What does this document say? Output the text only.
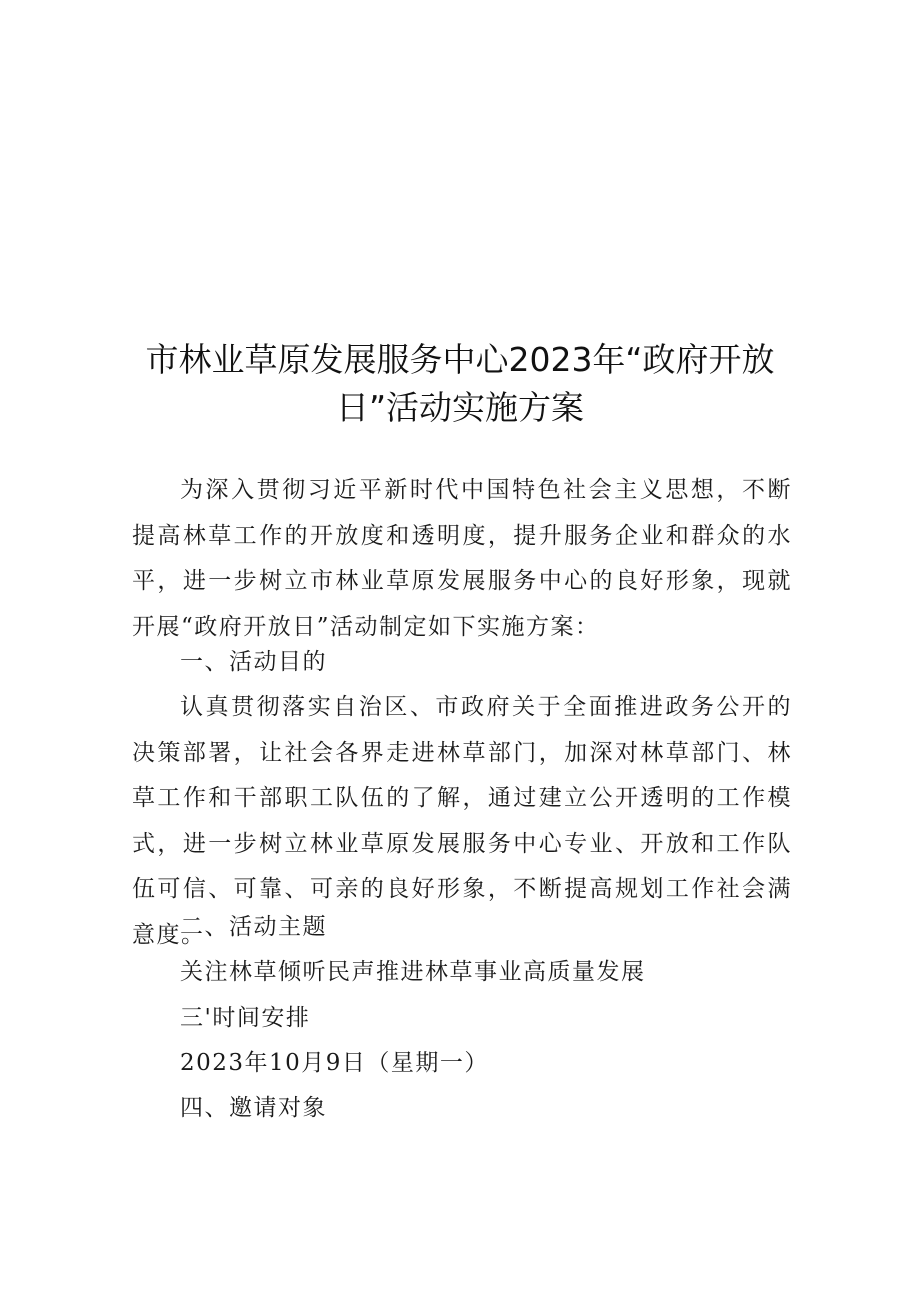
市林业草原发展服务中心2023年“政府开放
日”活动实施方案
为深入贯彻习近平新时代中国特色社会主义思想，不断提高林草工作的开放度和透明度，提升服务企业和群众的水平，进一步树立市林业草原发展服务中心的良好形象，现就开展“政府开放日”活动制定如下实施方案：
一、活动目的
认真贯彻落实自治区、市政府关于全面推进政务公开的决策部署，让社会各界走进林草部门，加深对林草部门、林草工作和干部职工队伍的了解，通过建立公开透明的工作模式，进一步树立林业草原发展服务中心专业、开放和工作队伍可信、可靠、可亲的良好形象，不断提高规划工作社会满意度。
二、活动主题
关注林草倾听民声推进林草事业高质量发展
三'时间安排
2023年10月9日（星期一）
四、邀请对象
